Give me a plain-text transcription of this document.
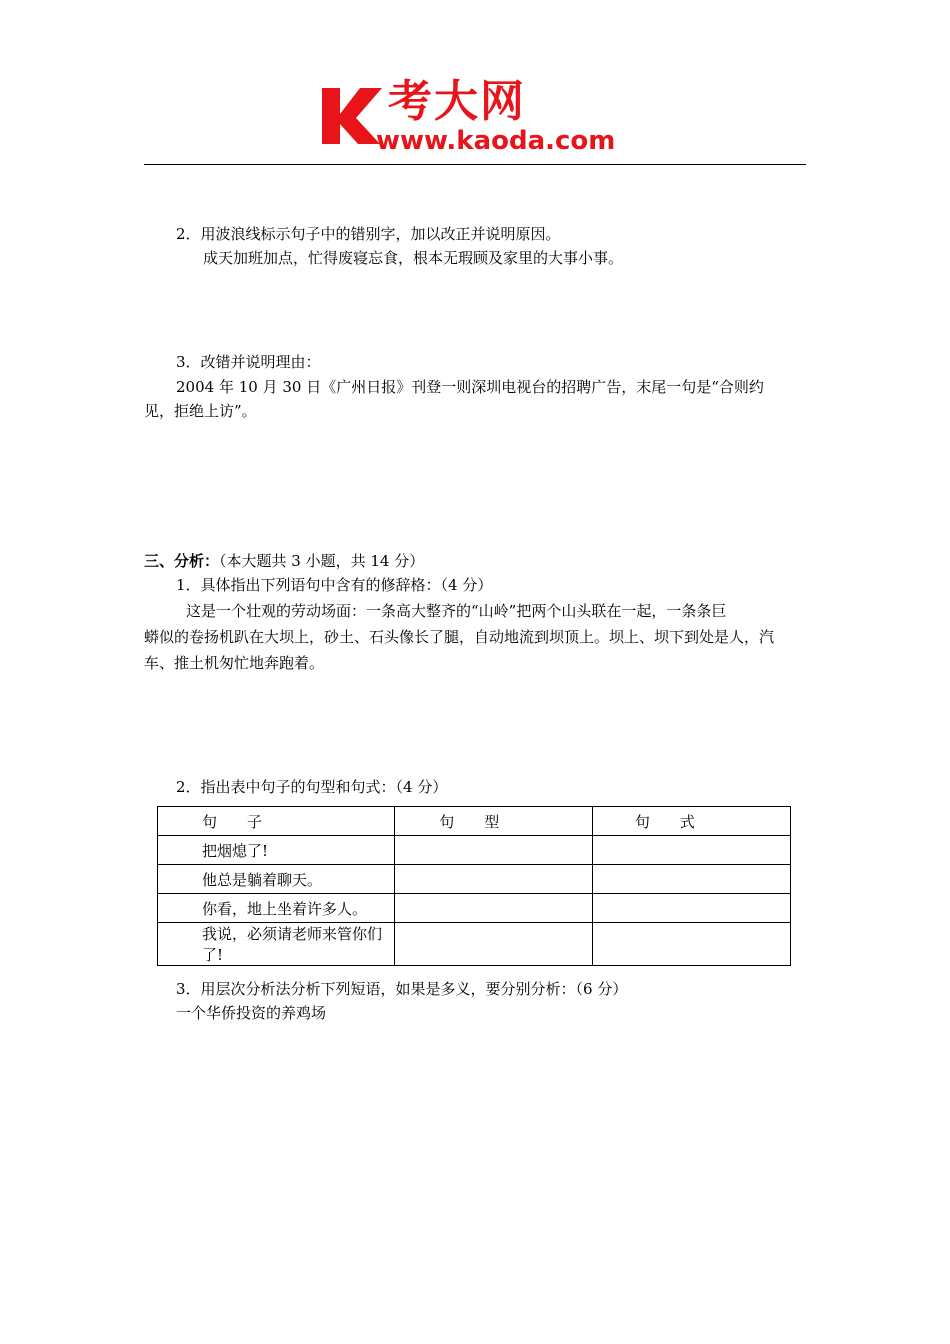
考大网
www.kaoda.com
2．用波浪线标示句子中的错别字，加以改正并说明原因。
成天加班加点，忙得废寝忘食，根本无瑕顾及家里的大事小事。
3．改错并说明理由：
2004 年 10 月 30 日《广州日报》刊登一则深圳电视台的招聘广告，末尾一句是“合则约
见，拒绝上访”。
三、分析：（本大题共 3 小题，共 14 分）
1．具体指出下列语句中含有的修辞格：（4 分）
这是一个壮观的劳动场面：一条高大整齐的“山岭”把两个山头联在一起，一条条巨
蟒似的卷扬机趴在大坝上，砂土、石头像长了腿，自动地流到坝顶上。坝上、坝下到处是人，汽
车、推土机匆忙地奔跑着。
2．指出表中句子的句型和句式：（4 分）
句　　子	句　　型	句　　式
把烟熄了!		
他总是躺着聊天。		
你看，地上坐着许多人。		
我说，必须请老师来管你们了!		
3．用层次分析法分析下列短语，如果是多义，要分别分析：（6 分）
一个华侨投资的养鸡场
